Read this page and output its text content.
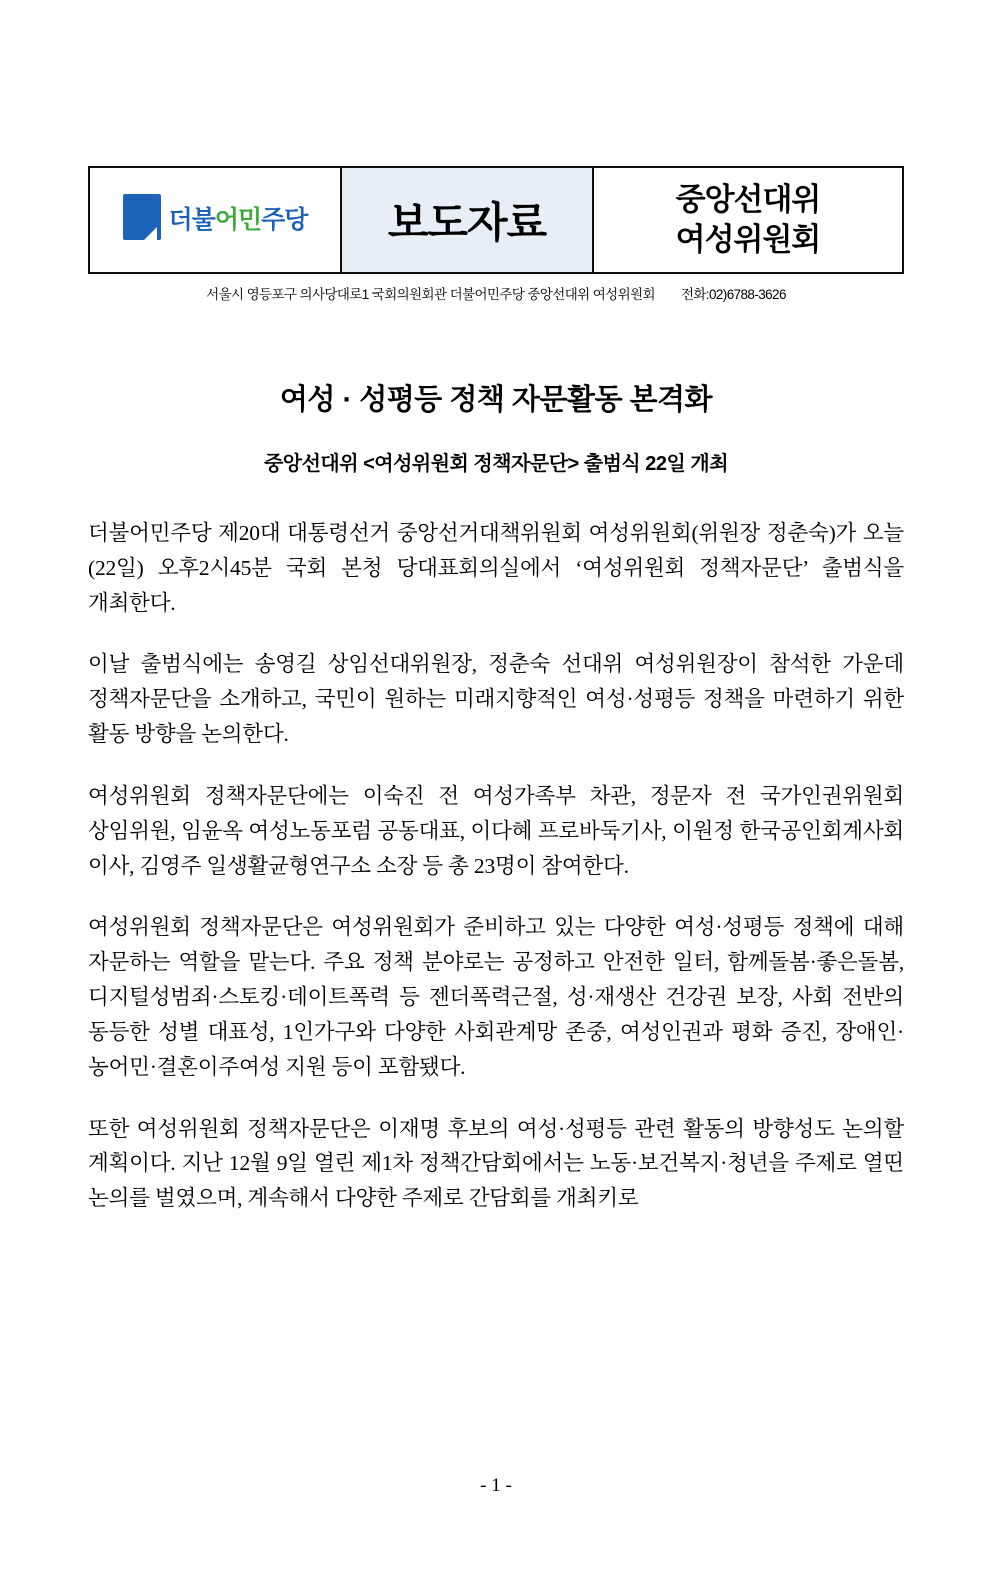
더불어민주당	보도자료	중앙선대위
여성위원회
서울시 영등포구 의사당대로1 국회의원회관 더불어민주당 중앙선대위 여성위원회 전화:02)6788-3626
여성 · 성평등 정책 자문활동 본격화
중앙선대위 <여성위원회 정책자문단> 출범식 22일 개최

더불어민주당 제20대 대통령선거 중앙선거대책위원회 여성위원회(위원장 정춘숙)가 오늘(22일) 오후2시45분 국회 본청 당대표회의실에서 ‘여성위원회 정책자문단’ 출범식을 개최한다.

이날 출범식에는 송영길 상임선대위원장, 정춘숙 선대위 여성위원장이 참석한 가운데 정책자문단을 소개하고, 국민이 원하는 미래지향적인 여성·성평등 정책을 마련하기 위한 활동 방향을 논의한다.

여성위원회 정책자문단에는 이숙진 전 여성가족부 차관, 정문자 전 국가인권위원회 상임위원, 임윤옥 여성노동포럼 공동대표, 이다혜 프로바둑기사, 이원정 한국공인회계사회 이사, 김영주 일생활균형연구소 소장 등 총 23명이 참여한다.

여성위원회 정책자문단은 여성위원회가 준비하고 있는 다양한 여성·성평등 정책에 대해 자문하는 역할을 맡는다. 주요 정책 분야로는 공정하고 안전한 일터, 함께돌봄·좋은돌봄, 디지털성범죄·스토킹·데이트폭력 등 젠더폭력근절, 성·재생산 건강권 보장, 사회 전반의 동등한 성별 대표성, 1인가구와 다양한 사회관계망 존중, 여성인권과 평화 증진, 장애인·농어민·결혼이주여성 지원 등이 포함됐다.

또한 여성위원회 정책자문단은 이재명 후보의 여성·성평등 관련 활동의 방향성도 논의할 계획이다. 지난 12월 9일 열린 제1차 정책간담회에서는 노동·보건복지·청년을 주제로 열띤 논의를 벌였으며, 계속해서 다양한 주제로 간담회를 개최키로

- 1 -
